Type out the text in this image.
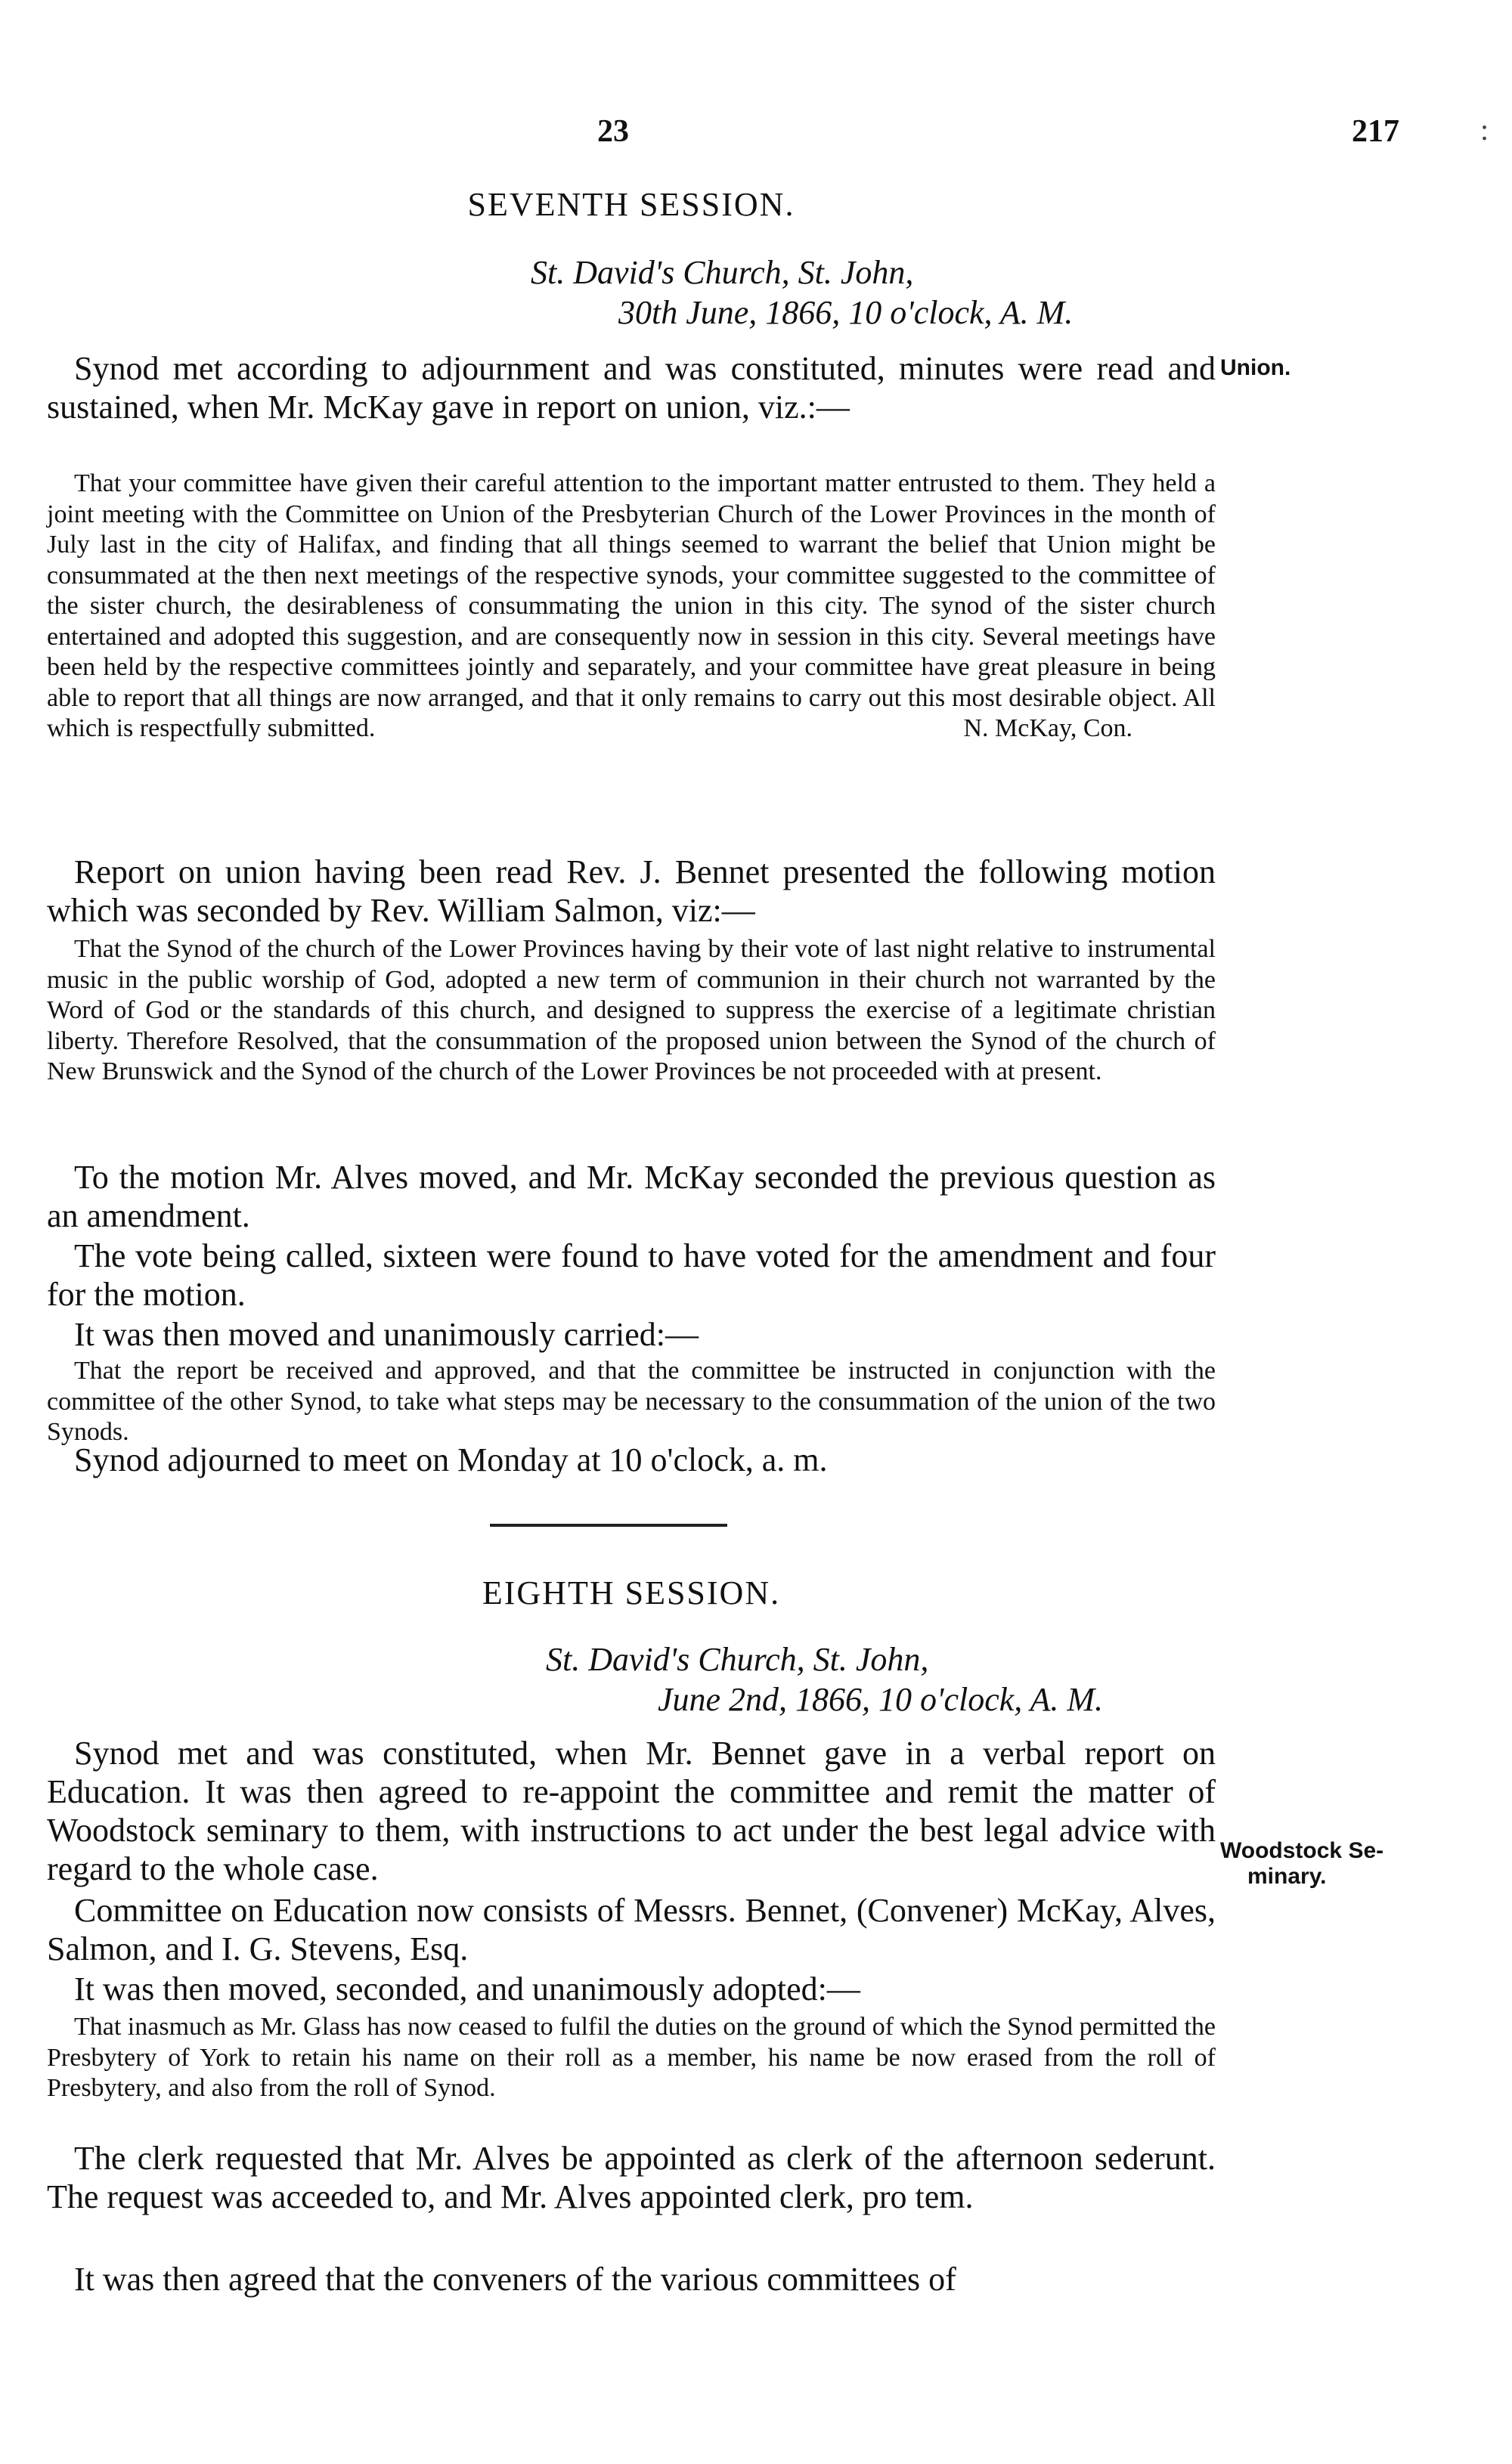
23	217	:

SEVENTH SESSION.

St. David's Church, St. John,

30th June, 1866, 10 o'clock, A. M.

Synod met according to adjournment and was constituted, minutes were read and sustained, when Mr. McKay gave in report on union, viz.:—

Union.

That your committee have given their careful attention to the important matter entrusted to them. They held a joint meeting with the Committee on Union of the Presbyterian Church of the Lower Provinces in the month of July last in the city of Halifax, and finding that all things seemed to warrant the belief that Union might be consummated at the then next meetings of the respective synods, your committee suggested to the committee of the sister church, the desirableness of consummating the union in this city. The synod of the sister church entertained and adopted this suggestion, and are consequently now in session in this city. Several meetings have been held by the respective committees jointly and separately, and your committee have great pleasure in being able to report that all things are now arranged, and that it only remains to carry out this most desirable object. All which is respectfully submitted.	N. McKay, Con.

Report on union having been read Rev. J. Bennet presented the following motion which was seconded by Rev. William Salmon, viz:—

That the Synod of the church of the Lower Provinces having by their vote of last night relative to instrumental music in the public worship of God, adopted a new term of communion in their church not warranted by the Word of God or the standards of this church, and designed to suppress the exercise of a legitimate christian liberty. Therefore Resolved, that the consummation of the proposed union between the Synod of the church of New Brunswick and the Synod of the church of the Lower Provinces be not proceeded with at present.

To the motion Mr. Alves moved, and Mr. McKay seconded the previous question as an amendment.

The vote being called, sixteen were found to have voted for the amendment and four for the motion.

It was then moved and unanimously carried:—

That the report be received and approved, and that the committee be instructed in conjunction with the committee of the other Synod, to take what steps may be necessary to the consummation of the union of the two Synods.

Synod adjourned to meet on Monday at 10 o'clock, a. m.

EIGHTH SESSION.

St. David's Church, St. John,

June 2nd, 1866, 10 o'clock, A. M.

Synod met and was constituted, when Mr. Bennet gave in a verbal report on Education. It was then agreed to re-appoint the committee and remit the matter of Woodstock seminary to them, with instructions to act under the best legal advice with regard to the whole case.	Woodstock Se-
minary.

Committee on Education now consists of Messrs. Bennet, (Convener) McKay, Alves, Salmon, and I. G. Stevens, Esq.

It was then moved, seconded, and unanimously adopted:—

That inasmuch as Mr. Glass has now ceased to fulfil the duties on the ground of which the Synod permitted the Presbytery of York to retain his name on their roll as a member, his name be now erased from the roll of Presbytery, and also from the roll of Synod.

The clerk requested that Mr. Alves be appointed as clerk of the afternoon sederunt. The request was acceeded to, and Mr. Alves appointed clerk, pro tem.

It was then agreed that the conveners of the various committees of
